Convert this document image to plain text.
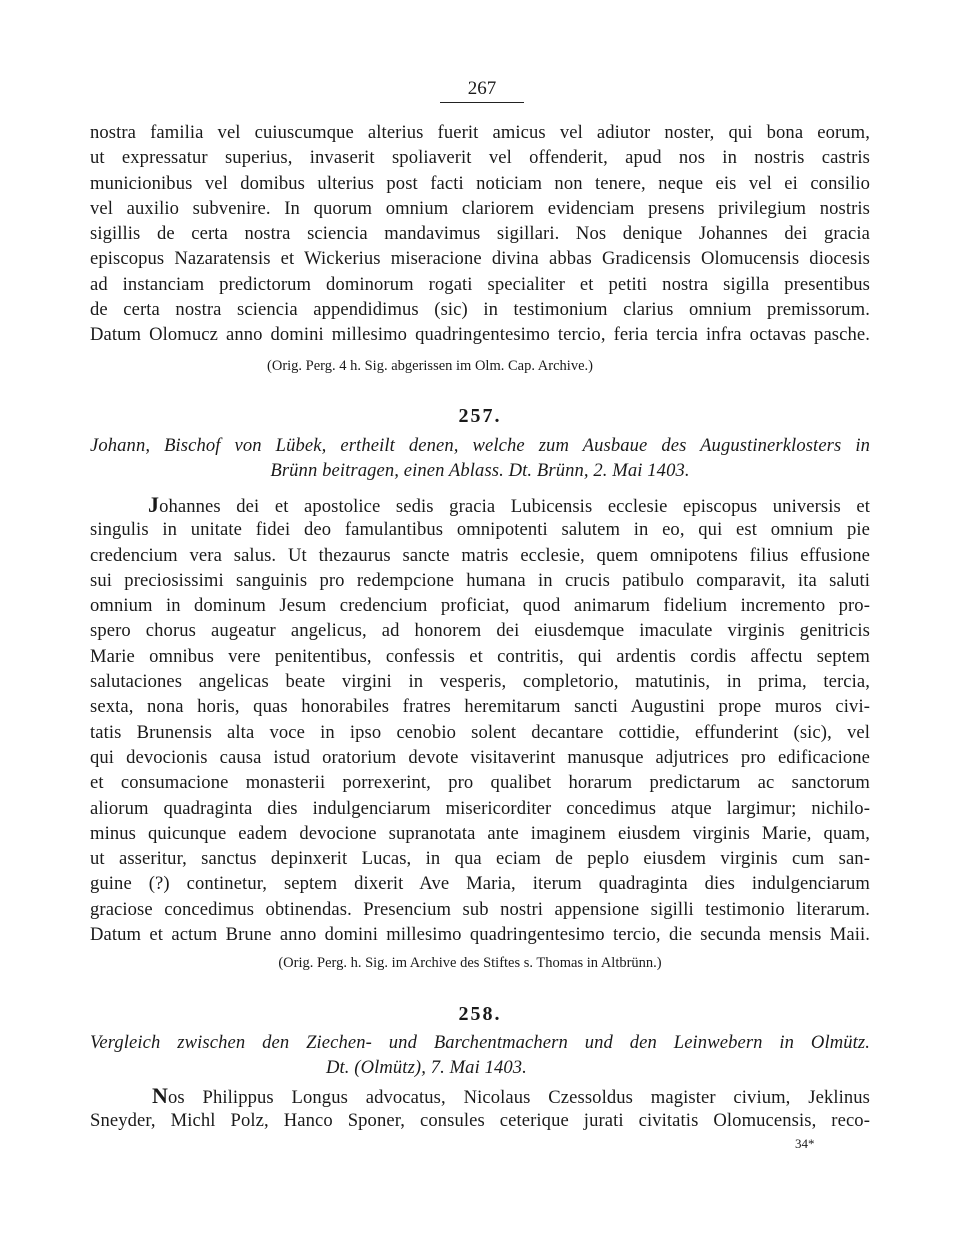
267
nostra familia vel cuiuscumque alterius fuerit amicus vel adiutor noster, qui bona eorum,
ut expressatur superius, invaserit spoliaverit vel offenderit, apud nos in nostris castris
municionibus vel domibus ulterius post facti noticiam non tenere, neque eis vel ei consilio
vel auxilio subvenire. In quorum omnium clariorem evidenciam presens privilegium nostris
sigillis de certa nostra sciencia mandavimus sigillari. Nos denique Johannes dei gracia
episcopus Nazaratensis et Wickerius miseracione divina abbas Gradicensis Olomucensis diocesis
ad instanciam predictorum dominorum rogati specialiter et petiti nostra sigilla presentibus
de certa nostra sciencia appendidimus (sic) in testimonium clarius omnium premissorum.
Datum Olomucz anno domini millesimo quadringentesimo tercio, feria tercia infra octavas pasche.
(Orig. Perg. 4 h. Sig. abgerissen im Olm. Cap. Archive.)
257.
Johann, Bischof von Lübek, ertheilt denen, welche zum Ausbaue des Augustinerklosters in
Brünn beitragen, einen Ablass. Dt. Brünn, 2. Mai 1403.
Johannes dei et apostolice sedis gracia Lubicensis ecclesie episcopus universis et
singulis in unitate fidei deo famulantibus omnipotenti salutem in eo, qui est omnium pie
credencium vera salus. Ut thezaurus sancte matris ecclesie, quem omnipotens filius effusione
sui preciosissimi sanguinis pro redempcione humana in crucis patibulo comparavit, ita saluti
omnium in dominum Jesum credencium proficiat, quod animarum fidelium incremento pro-
spero chorus augeatur angelicus, ad honorem dei eiusdemque imaculate virginis genitricis
Marie omnibus vere penitentibus, confessis et contritis, qui ardentis cordis affectu septem
salutaciones angelicas beate virgini in vesperis, completorio, matutinis, in prima, tercia,
sexta, nona horis, quas honorabiles fratres heremitarum sancti Augustini prope muros civi-
tatis Brunensis alta voce in ipso cenobio solent decantare cottidie, effunderint (sic), vel
qui devocionis causa istud oratorium devote visitaverint manusque adjutrices pro edificacione
et consumacione monasterii porrexerint, pro qualibet horarum predictarum ac sanctorum
aliorum quadraginta dies indulgenciarum misericorditer concedimus atque largimur; nichilo-
minus quicunque eadem devocione supranotata ante imaginem eiusdem virginis Marie, quam,
ut asseritur, sanctus depinxerit Lucas, in qua eciam de peplo eiusdem virginis cum san-
guine (?) continetur, septem dixerit Ave Maria, iterum quadraginta dies indulgenciarum
graciose concedimus obtinendas. Presencium sub nostri appensione sigilli testimonio literarum.
Datum et actum Brune anno domini millesimo quadringentesimo tercio, die secunda mensis Maii.
(Orig. Perg. h. Sig. im Archive des Stiftes s. Thomas in Altbrünn.)
258.
Vergleich zwischen den Ziechen- und Barchentmachern und den Leinwebern in Olmütz.
Dt. (Olmütz), 7. Mai 1403.
Nos Philippus Longus advocatus, Nicolaus Czessoldus magister civium, Jeklinus
Sneyder, Michl Polz, Hanco Sponer, consules ceterique jurati civitatis Olomucensis, reco-
34*
